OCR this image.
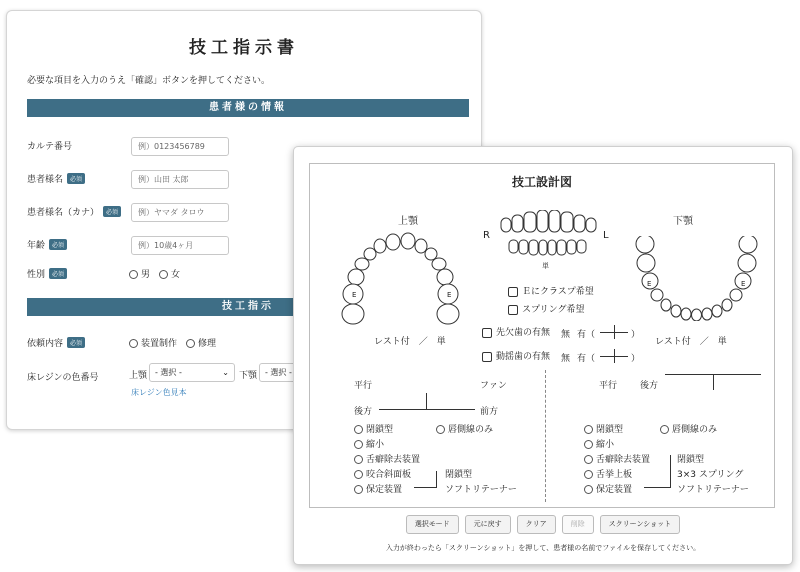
技工指示書
必要な項目を入力のうえ「確認」ボタンを押してください。
患者様の情報
カルテ番号	例）0123456789
患者様名	必須	例）山田 太郎
患者様名（カナ）	必須	例）ヤマダ タロウ
年齢	必須	例）10歳4ヶ月
性別	必須	男	女
技工指示
依頼内容	必須	装置制作	修理
床レジンの色番号	上顎 - 選択 -	⌄ 下顎 - 選択 -
床レジン色見本
技工設計図
上顎	下顎
E	E
R	L
単
E	E
Ｅにクラスプ希望
スプリング希望
レスト付　／　単	レスト付　／　単
先欠歯の有無 無 有（	）
動揺歯の有無 無 有（	）
平行	ファン
後方	前方
閉鎖型
縮小
舌癖除去装置
咬合斜面板
保定装置
唇側線のみ
閉鎖型
ソフトリテーナー
平行	後方
閉鎖型
縮小
舌癖除去装置
舌挙上板
保定装置
唇側線のみ
閉鎖型
3×3 スプリング
ソフトリテーナー
選択モード	元に戻す	クリア	削除	スクリーンショット
入力が終わったら「スクリーンショット」を押して、患者様の名前でファイルを保存してください。
